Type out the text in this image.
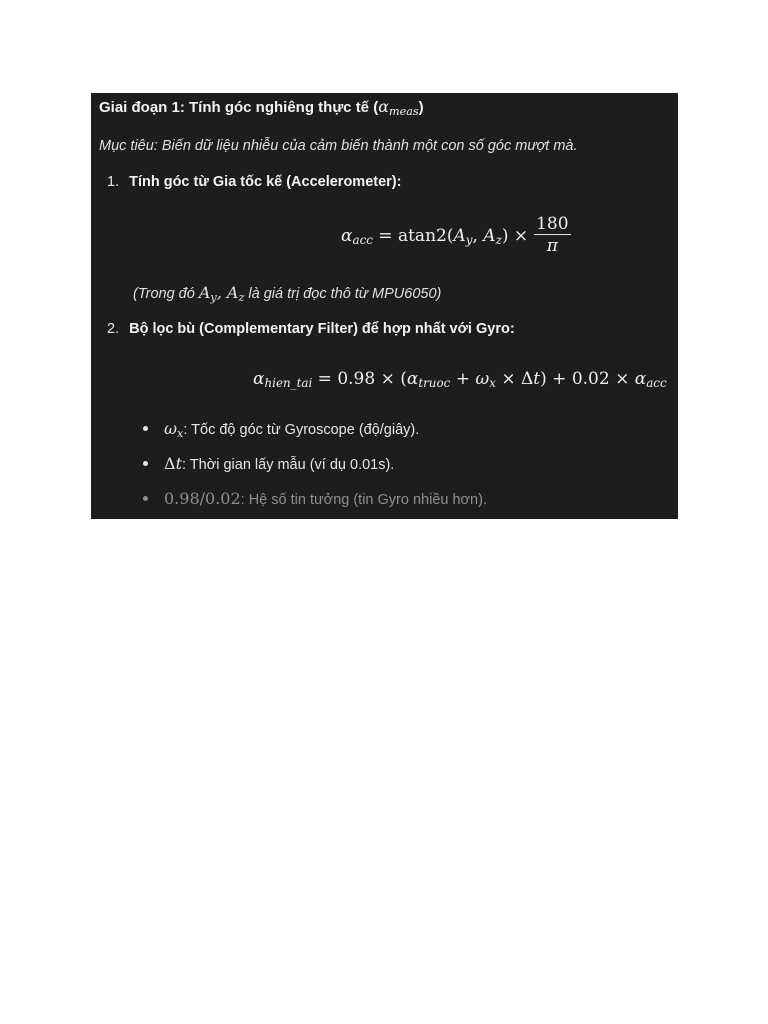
Giai đoạn 1: Tính góc nghiêng thực tế $(\alpha_{meas})$
Mục tiêu: Biến dữ liệu nhiễu của cảm biến thành một con số góc mượt mà.
1. Tính góc từ Gia tốc kế (Accelerometer):
$\alpha_{acc} = atan2(A_y$, $A_z) \times \frac{180}{\pi}$
(Trong đó $A_y$, $A_z$ là giá trị đọc thô từ MPU6050)
2. Bộ lọc bù (Complementary Filter) để hợp nhất với Gyro:
$\alpha_{hien\_tai} = 0.98 \times (\alpha_{truoc} + \omega_x \times \Delta t) + 0.02 \times \alpha_{acc}$
$\omega_x$: Tốc độ góc từ Gyroscope (độ/giây).
Δt: Thời gian lấy mẫu (ví dụ 0.01s).
0.98/0.02: Hệ số tin tưởng (tin Gyro nhiều hơn).
